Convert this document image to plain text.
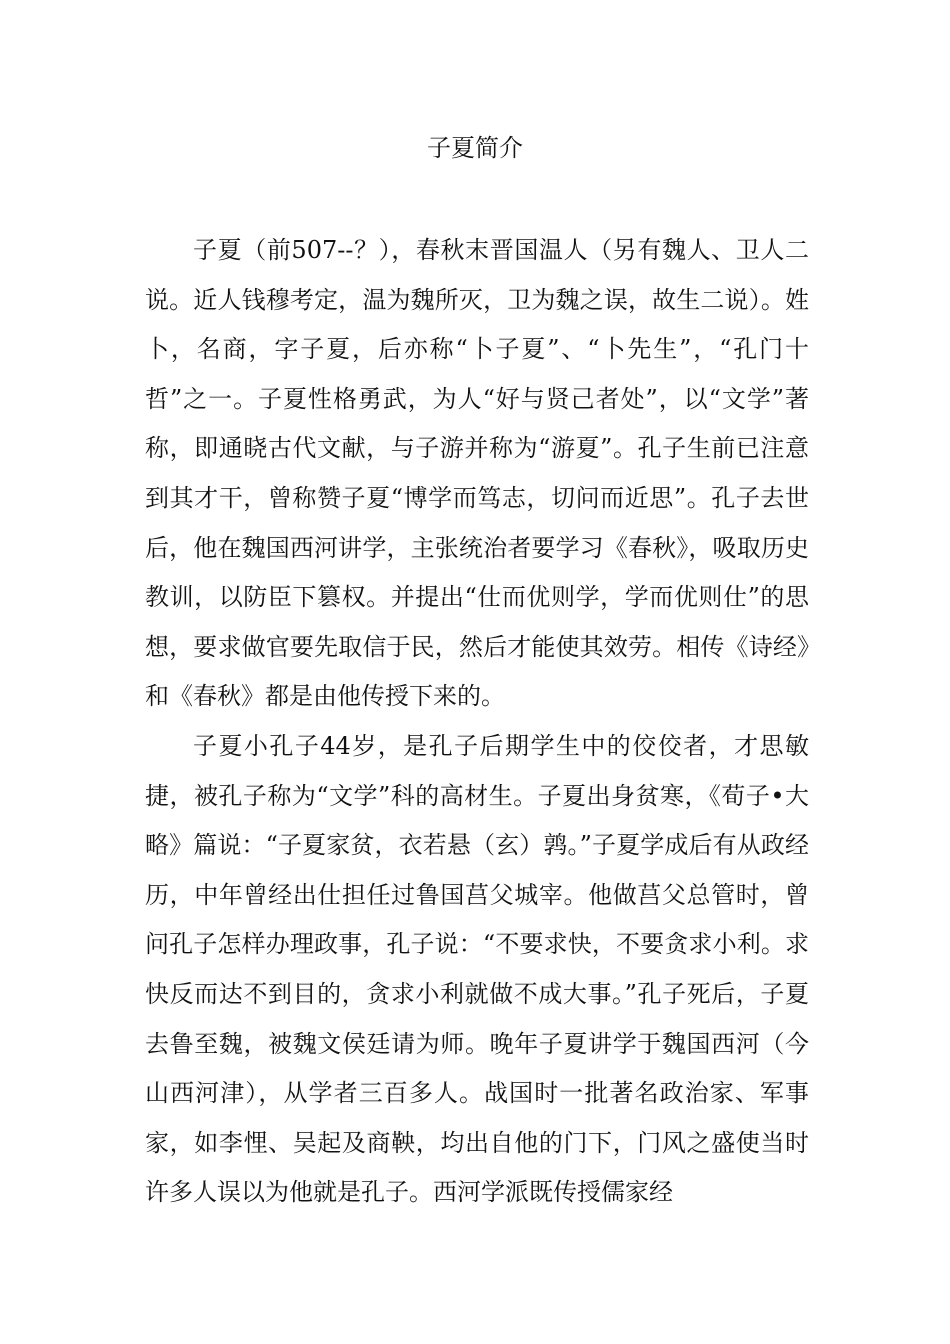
子夏简介

子夏（前507--？），春秋末晋国温人（另有魏人、卫人二说。近人钱穆考定，温为魏所灭，卫为魏之误，故生二说）。姓卜，名商，字子夏，后亦称“卜子夏”、“卜先生”，“孔门十哲”之一。子夏性格勇武，为人“好与贤己者处”，以“文学”著称，即通晓古代文献，与子游并称为“游夏”。孔子生前已注意到其才干，曾称赞子夏“博学而笃志，切问而近思”。孔子去世后，他在魏国西河讲学，主张统治者要学习《春秋》，吸取历史教训，以防臣下篡权。并提出“仕而优则学，学而优则仕”的思想，要求做官要先取信于民，然后才能使其效劳。相传《诗经》和《春秋》都是由他传授下来的。

子夏小孔子44岁，是孔子后期学生中的佼佼者，才思敏捷，被孔子称为“文学”科的高材生。子夏出身贫寒，《荀子•大略》篇说：“子夏家贫，衣若悬（玄）鹑。”子夏学成后有从政经历，中年曾经出仕担任过鲁国莒父城宰。他做莒父总管时，曾问孔子怎样办理政事，孔子说：“不要求快，不要贪求小利。求快反而达不到目的，贪求小利就做不成大事。”孔子死后，子夏去鲁至魏，被魏文侯廷请为师。晚年子夏讲学于魏国西河（今山西河津），从学者三百多人。战国时一批著名政治家、军事家，如李悝、吴起及商鞅，均出自他的门下，门风之盛使当时许多人误以为他就是孔子。西河学派既传授儒家经
